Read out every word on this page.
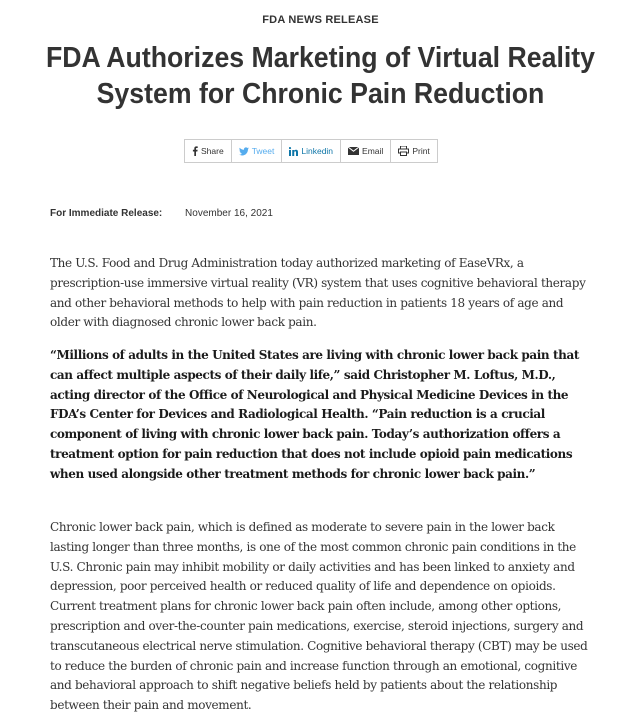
FDA NEWS RELEASE
FDA Authorizes Marketing of Virtual Reality
System for Chronic Pain Reduction
Share	Tweet	Linkedin	Email	Print
For Immediate Release: November 16, 2021

The U.S. Food and Drug Administration today authorized marketing of EaseVRx, a prescription-use immersive virtual reality (VR) system that uses cognitive behavioral therapy and other behavioral methods to help with pain reduction in patients 18 years of age and older with diagnosed chronic lower back pain.

“Millions of adults in the United States are living with chronic lower back pain that can affect multiple aspects of their daily life,” said Christopher M. Loftus, M.D., acting director of the Office of Neurological and Physical Medicine Devices in the FDA’s Center for Devices and Radiological Health. “Pain reduction is a crucial component of living with chronic lower back pain. Today’s authorization offers a treatment option for pain reduction that does not include opioid pain medications when used alongside other treatment methods for chronic lower back pain.”

Chronic lower back pain, which is defined as moderate to severe pain in the lower back lasting longer than three months, is one of the most common chronic pain conditions in the U.S. Chronic pain may inhibit mobility or daily activities and has been linked to anxiety and depression, poor perceived health or reduced quality of life and dependence on opioids. Current treatment plans for chronic lower back pain often include, among other options, prescription and over-the-counter pain medications, exercise, steroid injections, surgery and transcutaneous electrical nerve stimulation. Cognitive behavioral therapy (CBT) may be used to reduce the burden of chronic pain and increase function through an emotional, cognitive and behavioral approach to shift negative beliefs held by patients about the relationship between their pain and movement.
